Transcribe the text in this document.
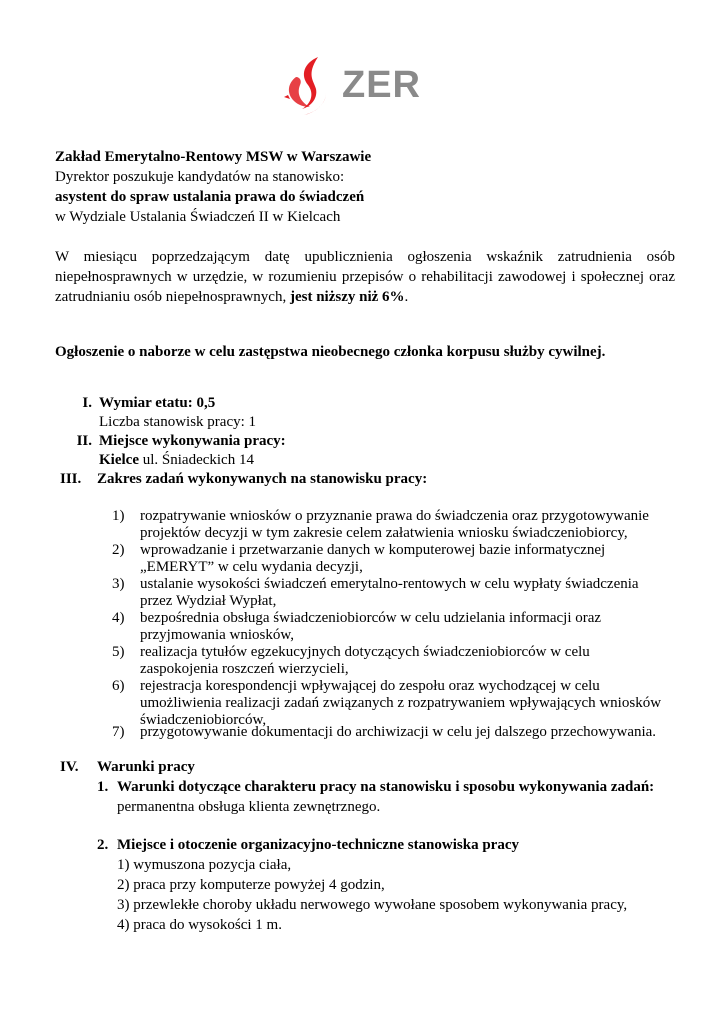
ZER
Zakład Emerytalno-Rentowy MSW w Warszawie
Dyrektor poszukuje kandydatów na stanowisko:
asystent do spraw ustalania prawa do świadczeń
w Wydziale Ustalania Świadczeń II w Kielcach
W miesiącu poprzedzającym datę upublicznienia ogłoszenia wskaźnik zatrudnienia osób
niepełnosprawnych w urzędzie, w rozumieniu przepisów o rehabilitacji zawodowej i społecznej oraz
zatrudnianiu osób niepełnosprawnych, jest niższy niż 6%.
Ogłoszenie o naborze w celu zastępstwa nieobecnego członka korpusu służby cywilnej.
I. Wymiar etatu: 0,5
Liczba stanowisk pracy: 1
II. Miejsce wykonywania pracy:
Kielce ul. Śniadeckich 14
III.	Zakres zadań wykonywanych na stanowisku pracy:
1) rozpatrywanie wniosków o przyznanie prawa do świadczenia oraz przygotowywanie
projektów decyzji w tym zakresie celem załatwienia wniosku świadczeniobiorcy,
2) wprowadzanie i przetwarzanie danych w komputerowej bazie informatycznej
„EMERYT” w celu wydania decyzji,
3) ustalanie wysokości świadczeń emerytalno-rentowych w celu wypłaty świadczenia
przez Wydział Wypłat,
4) bezpośrednia obsługa świadczeniobiorców w celu udzielania informacji oraz
przyjmowania wniosków,
5) realizacja tytułów egzekucyjnych dotyczących świadczeniobiorców w celu
zaspokojenia roszczeń wierzycieli,
6) rejestracja korespondencji wpływającej do zespołu oraz wychodzącej w celu
umożliwienia realizacji zadań związanych z rozpatrywaniem wpływających wniosków
świadczeniobiorców,
7) przygotowywanie dokumentacji do archiwizacji w celu jej dalszego przechowywania.
IV.	Warunki pracy
1. Warunki dotyczące charakteru pracy na stanowisku i sposobu wykonywania zadań:
permanentna obsługa klienta zewnętrznego.
2. Miejsce i otoczenie organizacyjno-techniczne stanowiska pracy
1) wymuszona pozycja ciała,
2) praca przy komputerze powyżej 4 godzin,
3) przewlekłe choroby układu nerwowego wywołane sposobem wykonywania pracy,
4) praca do wysokości 1 m.
